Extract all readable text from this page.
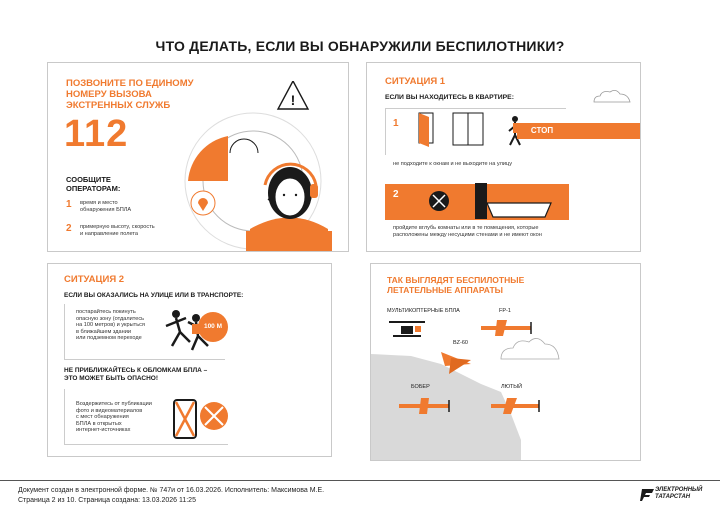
ЧТО ДЕЛАТЬ, ЕСЛИ ВЫ ОБНАРУЖИЛИ БЕСПИЛОТНИКИ?
ПОЗВОНИТЕ ПО ЕДИНОМУ
НОМЕРУ ВЫЗОВА
ЭКСТРЕННЫХ СЛУЖБ
112
СООБЩИТЕ
ОПЕРАТОРАМ:
1 время и место
обнаружения БПЛА
2 примерную высоту, скорость
и направление полета
!
СИТУАЦИЯ 1
ЕСЛИ ВЫ НАХОДИТЕСЬ В КВАРТИРЕ:
1
СТОП
не подходите к окнам и не выходите на улицу
2
пройдите вглубь комнаты или в те помещения, которые
расположены между несущими стенами и не имеют окон
СИТУАЦИЯ 2
ЕСЛИ ВЫ ОКАЗАЛИСЬ НА УЛИЦЕ ИЛИ В ТРАНСПОРТЕ:
постарайтесь покинуть
опасную зону (отдалитесь
на 100 метров) и укрыться
в ближайшем здании
или подземном переходе
100 М
НЕ ПРИБЛИЖАЙТЕСЬ К ОБЛОМКАМ БПЛА –
ЭТО МОЖЕТ БЫТЬ ОПАСНО!
Воздержитесь от публикации
фото и видеоматериалов
с мест обнаружения
БПЛА в открытых
интернет-источниках
ТАК ВЫГЛЯДЯТ БЕСПИЛОТНЫЕ
ЛЕТАТЕЛЬНЫЕ АППАРАТЫ
МУЛЬТИКОПТЕРНЫЕ БПЛА	FP-1
BZ-60
БОБЕР	ЛЮТЫЙ
Документ создан в электронной форме. № 747и от 16.03.2026. Исполнитель: Максимова М.Е.
Страница 2 из 10. Страница создана: 13.03.2026 11:25
ЭЛЕКТРОННЫЙ
ТАТАРСТАН
